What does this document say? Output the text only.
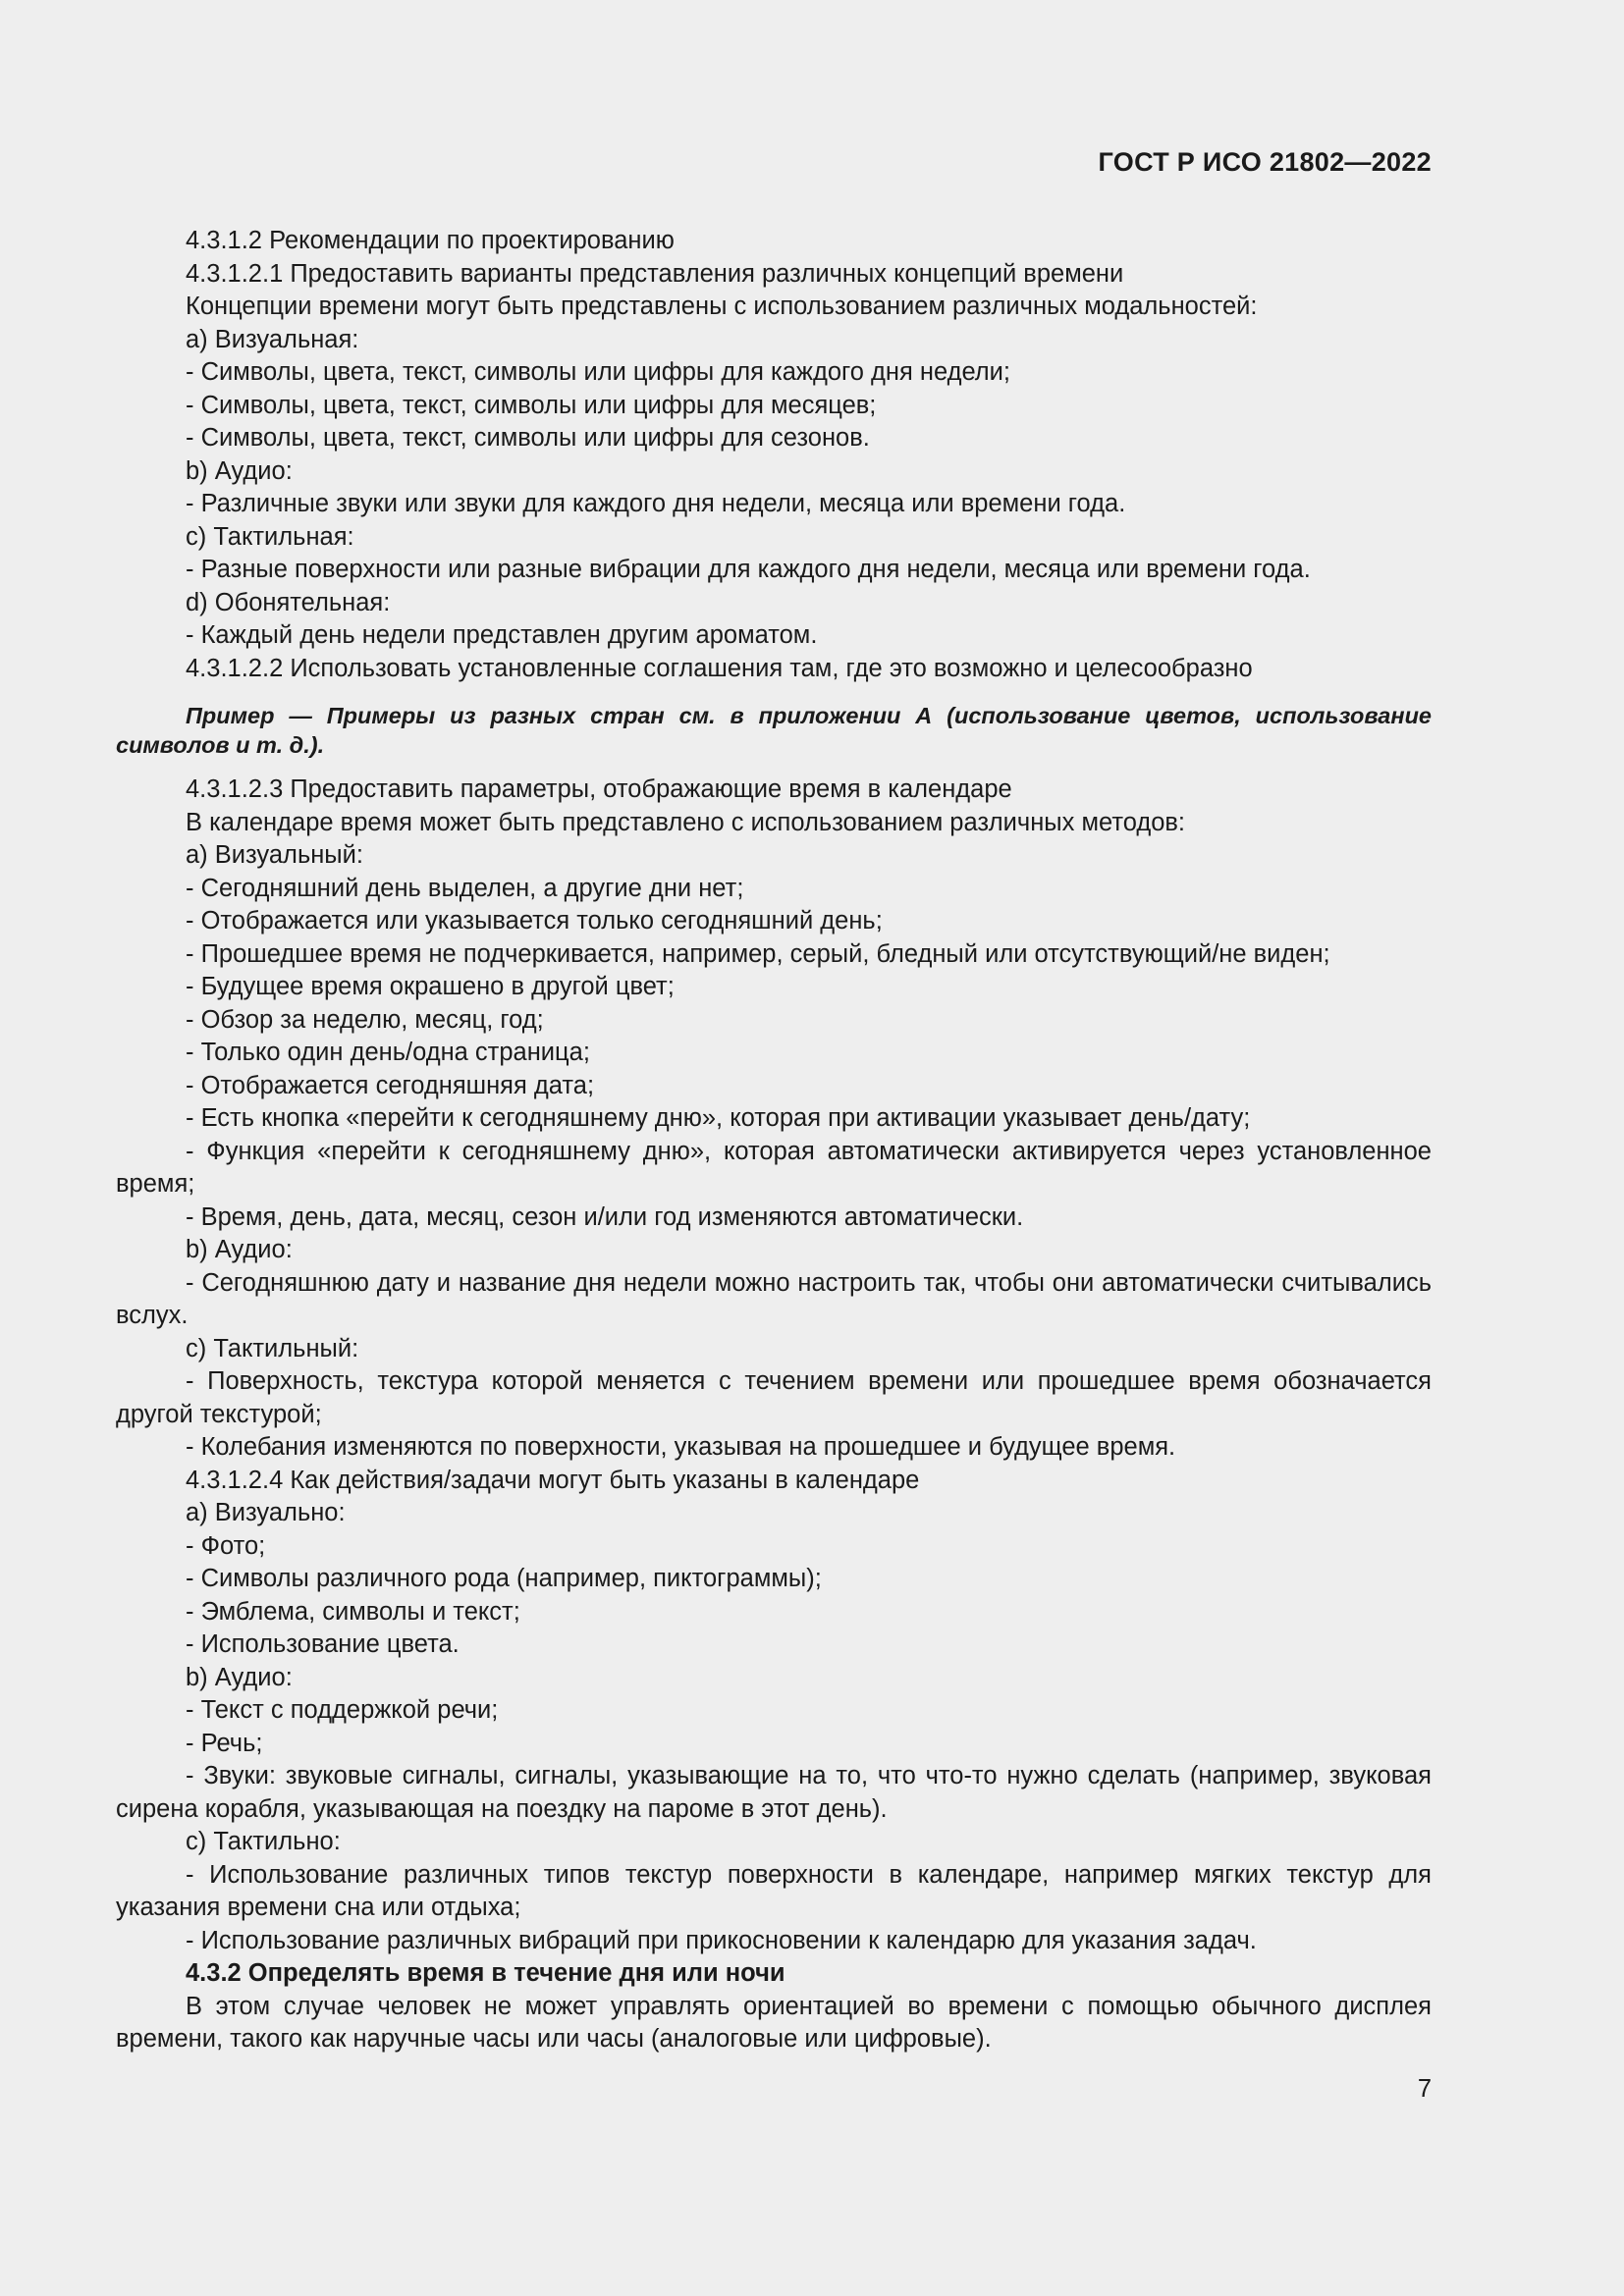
ГОСТ Р ИСО 21802—2022

4.3.1.2 Рекомендации по проектированию

4.3.1.2.1 Предоставить варианты представления различных концепций времени

Концепции времени могут быть представлены с использованием различных модальностей:

a) Визуальная:

- Символы, цвета, текст, символы или цифры для каждого дня недели;

- Символы, цвета, текст, символы или цифры для месяцев;

- Символы, цвета, текст, символы или цифры для сезонов.

b) Аудио:

- Различные звуки или звуки для каждого дня недели, месяца или времени года.

c) Тактильная:

- Разные поверхности или разные вибрации для каждого дня недели, месяца или времени года.

d) Обонятельная:

- Каждый день недели представлен другим ароматом.

4.3.1.2.2 Использовать установленные соглашения там, где это возможно и целесообразно

Пример — Примеры из разных стран см. в приложении А (использование цветов, использование символов и т. д.).

4.3.1.2.3 Предоставить параметры, отображающие время в календаре

В календаре время может быть представлено с использованием различных методов:

a) Визуальный:

- Сегодняшний день выделен, а другие дни нет;

- Отображается или указывается только сегодняшний день;

- Прошедшее время не подчеркивается, например, серый, бледный или отсутствующий/не виден;

- Будущее время окрашено в другой цвет;

- Обзор за неделю, месяц, год;

- Только один день/одна страница;

- Отображается сегодняшняя дата;

- Есть кнопка «перейти к сегодняшнему дню», которая при активации указывает день/дату;

- Функция «перейти к сегодняшнему дню», которая автоматически активируется через установленное время;

- Время, день, дата, месяц, сезон и/или год изменяются автоматически.

b) Аудио:

- Сегодняшнюю дату и название дня недели можно настроить так, чтобы они автоматически считывались вслух.

c) Тактильный:

- Поверхность, текстура которой меняется с течением времени или прошедшее время обозначается другой текстурой;

- Колебания изменяются по поверхности, указывая на прошедшее и будущее время.

4.3.1.2.4 Как действия/задачи могут быть указаны в календаре

a) Визуально:

- Фото;

- Символы различного рода (например, пиктограммы);

- Эмблема, символы и текст;

- Использование цвета.

b) Аудио:

- Текст с поддержкой речи;

- Речь;

- Звуки: звуковые сигналы, сигналы, указывающие на то, что что-то нужно сделать (например, звуковая сирена корабля, указывающая на поездку на пароме в этот день).

c) Тактильно:

- Использование различных типов текстур поверхности в календаре, например мягких текстур для указания времени сна или отдыха;

- Использование различных вибраций при прикосновении к календарю для указания задач.

4.3.2 Определять время в течение дня или ночи

В этом случае человек не может управлять ориентацией во времени с помощью обычного дисплея времени, такого как наручные часы или часы (аналоговые или цифровые).

7
